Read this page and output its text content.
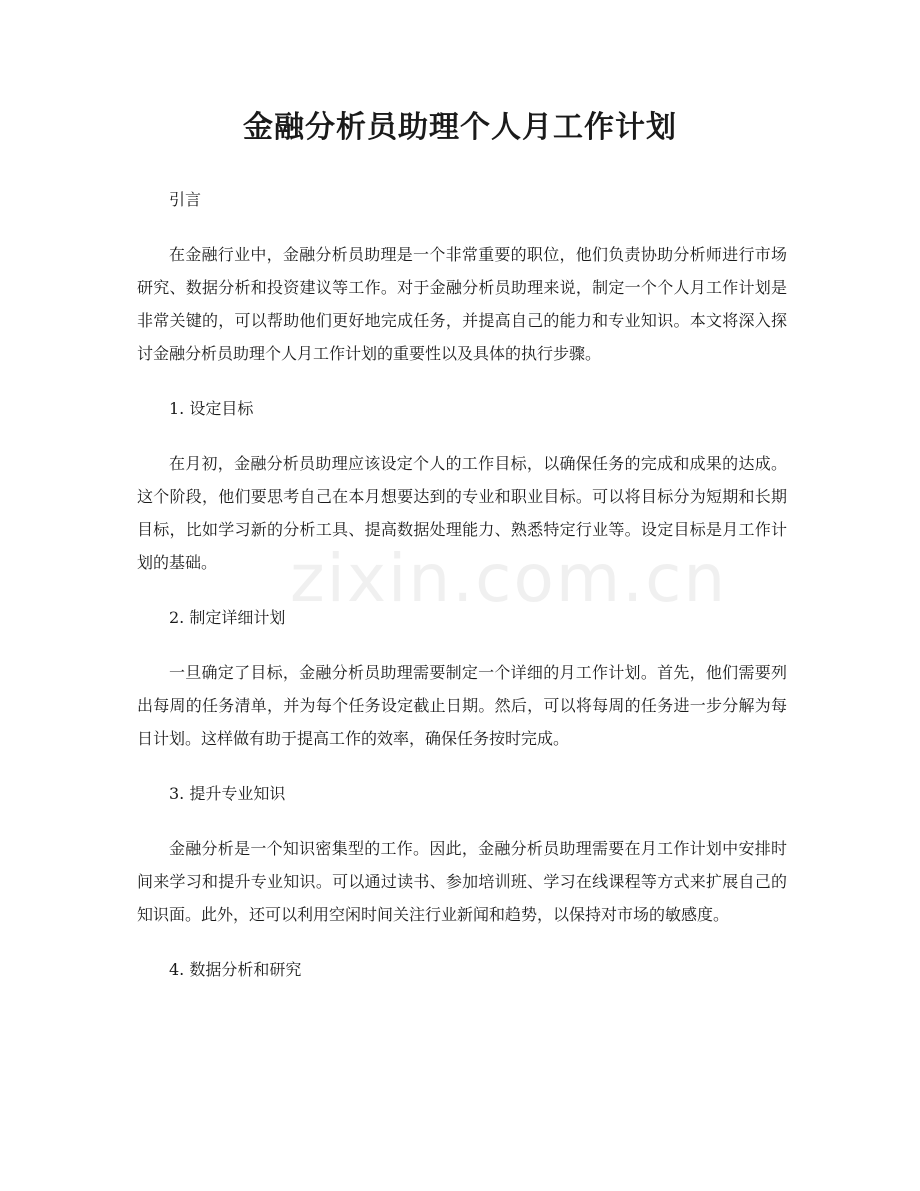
金融分析员助理个人月工作计划
zixin.com.cn

引言

在金融行业中，金融分析员助理是一个非常重要的职位，他们负责协助分析师进行市场研究、数据分析和投资建议等工作。对于金融分析员助理来说，制定一个个人月工作计划是非常关键的，可以帮助他们更好地完成任务，并提高自己的能力和专业知识。本文将深入探讨金融分析员助理个人月工作计划的重要性以及具体的执行步骤。

1. 设定目标

在月初，金融分析员助理应该设定个人的工作目标，以确保任务的完成和成果的达成。这个阶段，他们要思考自己在本月想要达到的专业和职业目标。可以将目标分为短期和长期目标，比如学习新的分析工具、提高数据处理能力、熟悉特定行业等。设定目标是月工作计划的基础。

2. 制定详细计划

一旦确定了目标，金融分析员助理需要制定一个详细的月工作计划。首先，他们需要列出每周的任务清单，并为每个任务设定截止日期。然后，可以将每周的任务进一步分解为每日计划。这样做有助于提高工作的效率，确保任务按时完成。

3. 提升专业知识

金融分析是一个知识密集型的工作。因此，金融分析员助理需要在月工作计划中安排时间来学习和提升专业知识。可以通过读书、参加培训班、学习在线课程等方式来扩展自己的知识面。此外，还可以利用空闲时间关注行业新闻和趋势，以保持对市场的敏感度。

4. 数据分析和研究
